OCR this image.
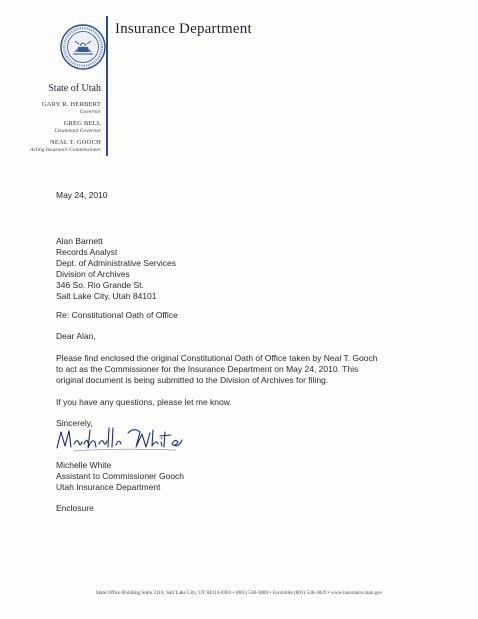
Insurance Department
State of Utah
GARY R. HERBERT
Governor
GREG BELL
Lieutenant Governor
NEAL T. GOOCH
Acting Insurance Commissioner
May 24, 2010
Alan Barnett
Records Analyst
Dept. of Administrative Services
Division of Archives
346 So. Rio Grande St.
Salt Lake City, Utah 84101
Re: Constitutional Oath of Office
Dear Alan,
Please find enclosed the original Constitutional Oath of Office taken by Neal T. Gooch
to act as the Commissioner for the Insurance Department on May 24, 2010. This
original document is being submitted to the Division of Archives for filing.
If you have any questions, please let me know.
Sincerely,
Michelle White
Assistant to Commissioner Gooch
Utah Insurance Department
Enclosure
State Office Building Suite 3110, Salt Lake City, UT 84114-6901 • (801) 538-3800 • Facsimile (801) 538-3829 • www.insurance.utah.gov
